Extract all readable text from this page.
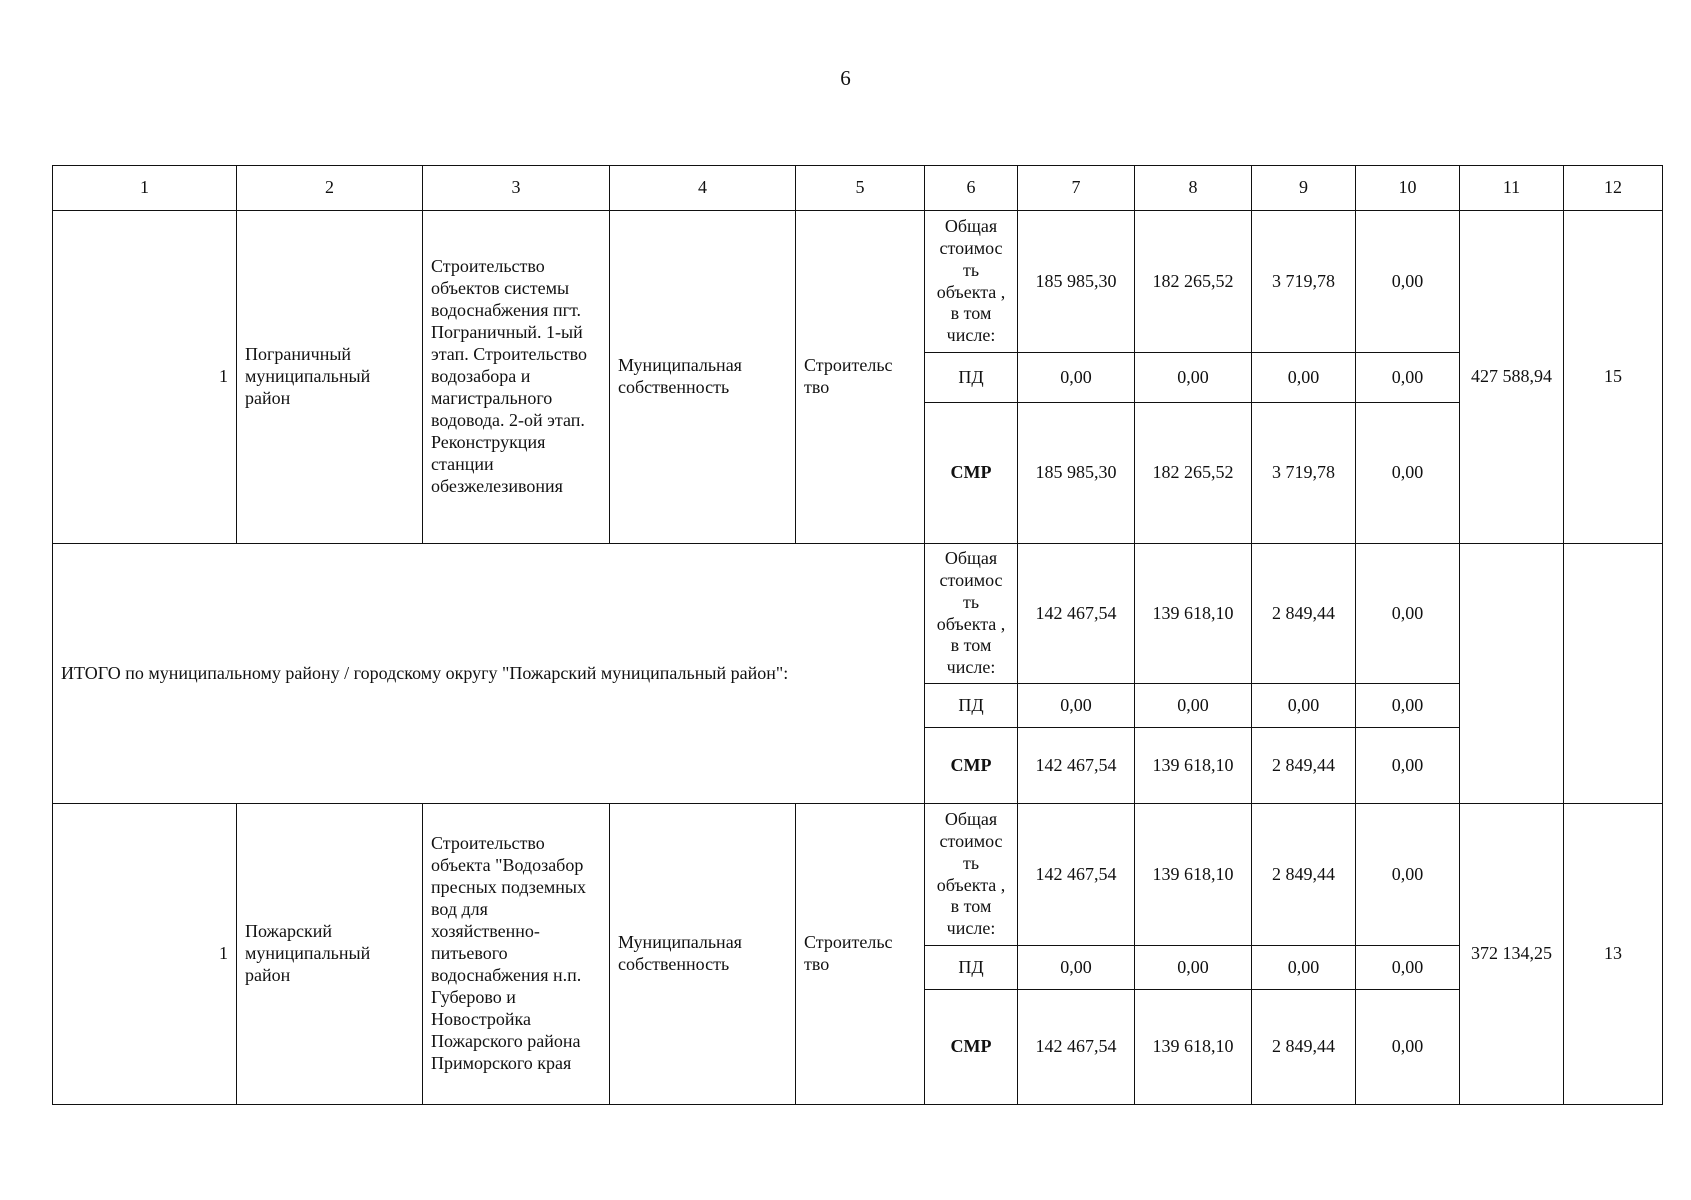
6
1	2	3	4	5	6	7	8	9	10	11	12
1	Пограничный муниципальный район	Строительство объектов системы водоснабжения пгт. Пограничный. 1-ый этап. Строительство водозабора и магистрального водовода. 2-ой этап. Реконструкция станции обезжелезивония	Муниципальная собственность	Строительс тво	Общая стоимос ть объекта , в том числе:	185 985,30	182 265,52	3 719,78	0,00	427 588,94	15
					ПД	0,00	0,00	0,00	0,00		
					СМР	185 985,30	182 265,52	3 719,78	0,00		
ИТОГО по муниципальному району / городскому округу "Пожарский муниципальный район":					Общая стоимос ть объекта , в том числе:	142 467,54	139 618,10	2 849,44	0,00		
					ПД	0,00	0,00	0,00	0,00		
					СМР	142 467,54	139 618,10	2 849,44	0,00		
1	Пожарский муниципальный район	Строительство объекта "Водозабор пресных подземных вод для хозяйственно-питьевого водоснабжения н.п. Губерово и Новостройка Пожарского района Приморского края	Муниципальная собственность	Строительс тво	Общая стоимос ть объекта , в том числе:	142 467,54	139 618,10	2 849,44	0,00	372 134,25	13
					ПД	0,00	0,00	0,00	0,00		
					СМР	142 467,54	139 618,10	2 849,44	0,00		
